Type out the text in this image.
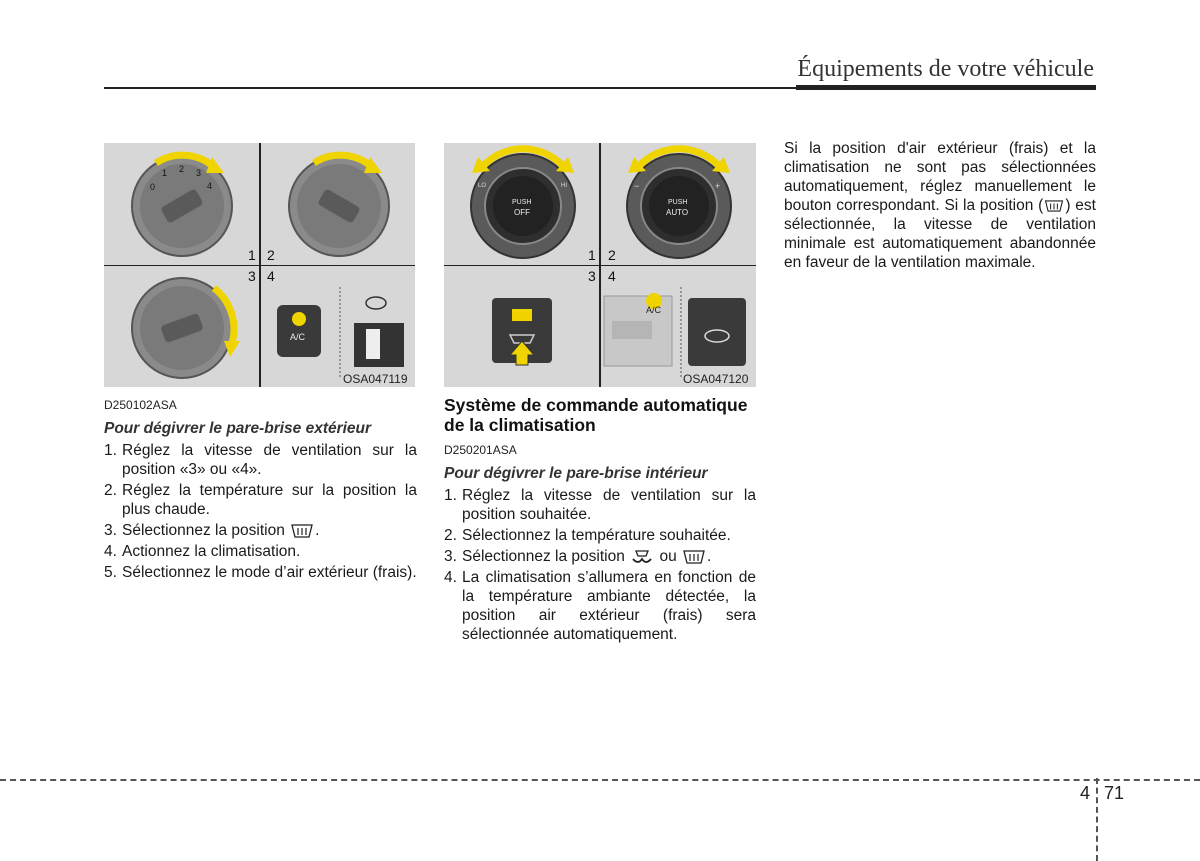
Équipements de votre véhicule
0
1 2 3
4
A/C
1 2
3 4
OSA047119
PUSH
OFF
LO	HI
PUSH
AUTO
−	+
A/C
1 2
3 4
OSA047120
D250102ASA
Pour dégivrer le pare-brise extérieur
1. Réglez la vitesse de ventilation sur la position «3» ou «4».
2. Réglez la température sur la position la plus chaude.
3. Sélectionnez la position .
4. Actionnez la climatisation.
5. Sélectionnez le mode d’air extérieur (frais).
Système de commande automatique de la climatisation
D250201ASA
Pour dégivrer le pare-brise intérieur
1. Réglez la vitesse de ventilation sur la position souhaitée.
2. Sélectionnez la température souhaitée.
3. Sélectionnez la position ou .
4. La climatisation s’allumera en fonction de la température ambiante détectée, la position air extérieur (frais) sera sélectionnée automatiquement.
Si la position d'air extérieur (frais) et la climatisation ne sont pas sélectionnées automatiquement, réglez manuellement le bouton correspondant. Si la position ( ) est sélectionnée, la vitesse de ventilation minimale est automatiquement abandonnée en faveur de la ventilation maximale.
4 71
